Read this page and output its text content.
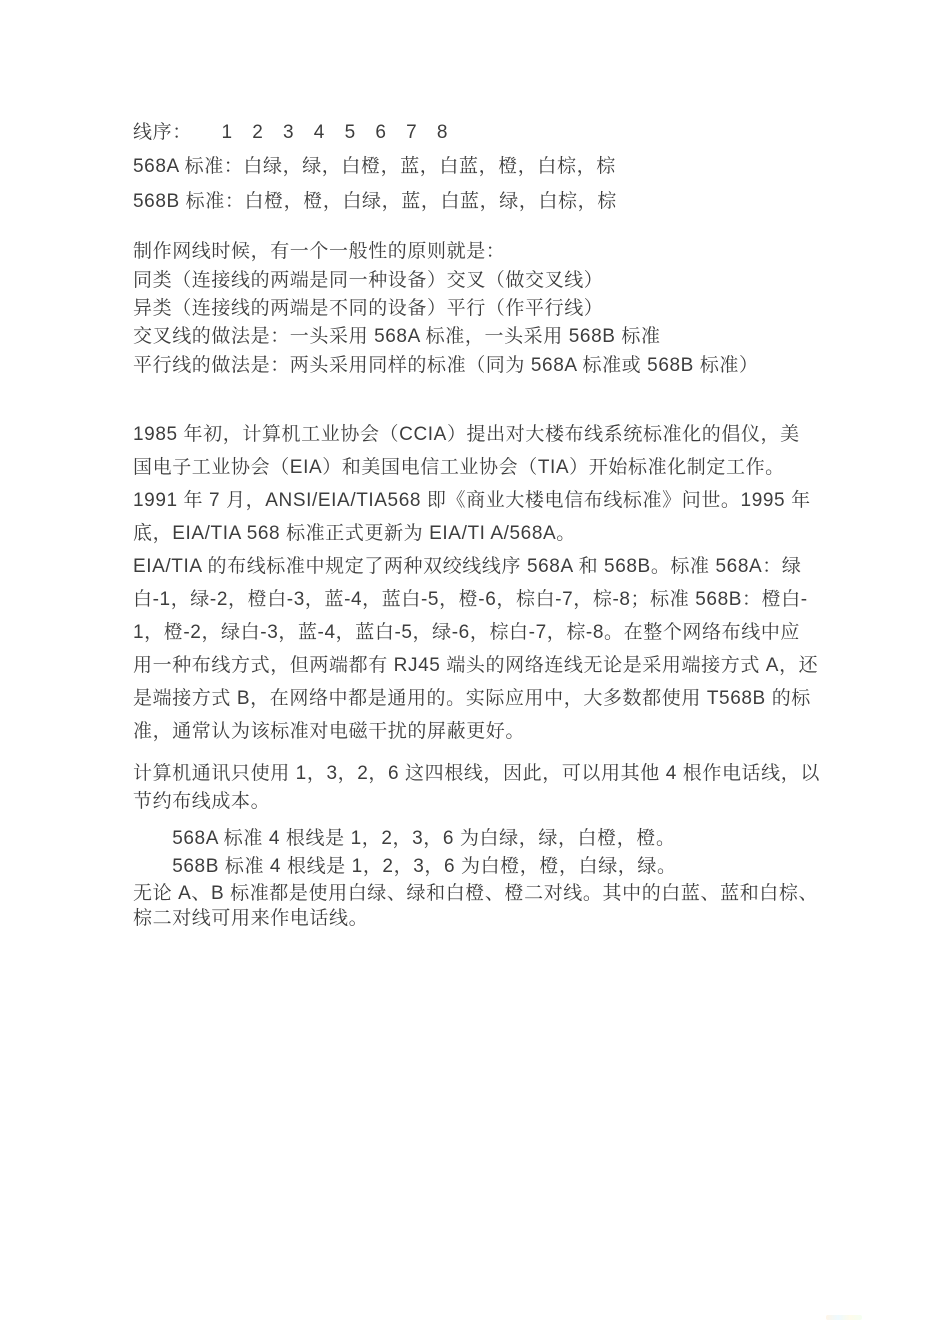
线序：　　1　2　3　4　5　6　7　8
568A 标准：白绿，绿，白橙，蓝，白蓝，橙，白棕，棕
568B 标准：白橙，橙，白绿，蓝，白蓝，绿，白棕，棕
制作网线时候，有一个一般性的原则就是：
同类（连接线的两端是同一种设备）交叉（做交叉线）
异类（连接线的两端是不同的设备）平行（作平行线）
交叉线的做法是：一头采用 568A 标准，一头采用 568B 标准
平行线的做法是：两头采用同样的标准（同为 568A 标准或 568B 标准）
1985 年初，计算机工业协会（CCIA）提出对大楼布线系统标准化的倡仪，美
国电子工业协会（EIA）和美国电信工业协会（TIA）开始标准化制定工作。
1991 年 7 月，ANSI/EIA/TIA568 即《商业大楼电信布线标准》问世。1995 年
底，EIA/TIA 568 标准正式更新为 EIA/TI A/568A。
EIA/TIA 的布线标准中规定了两种双绞线线序 568A 和 568B。标准 568A：绿
白-1，绿-2，橙白-3，蓝-4，蓝白-5，橙-6，棕白-7，棕-8；标准 568B：橙白-
1，橙-2，绿白-3，蓝-4，蓝白-5，绿-6，棕白-7，棕-8。在整个网络布线中应
用一种布线方式，但两端都有 RJ45 端头的网络连线无论是采用端接方式 A，还
是端接方式 B，在网络中都是通用的。实际应用中，大多数都使用 T568B 的标
准，通常认为该标准对电磁干扰的屏蔽更好。
计算机通讯只使用 1，3，2，6 这四根线，因此，可以用其他 4 根作电话线，以
节约布线成本。
　　568A 标准 4 根线是 1，2，3，6 为白绿，绿，白橙，橙。
　　568B 标准 4 根线是 1，2，3，6 为白橙，橙，白绿，绿。
无论 A、B 标准都是使用白绿、绿和白橙、橙二对线。其中的白蓝、蓝和白棕、
棕二对线可用来作电话线。
